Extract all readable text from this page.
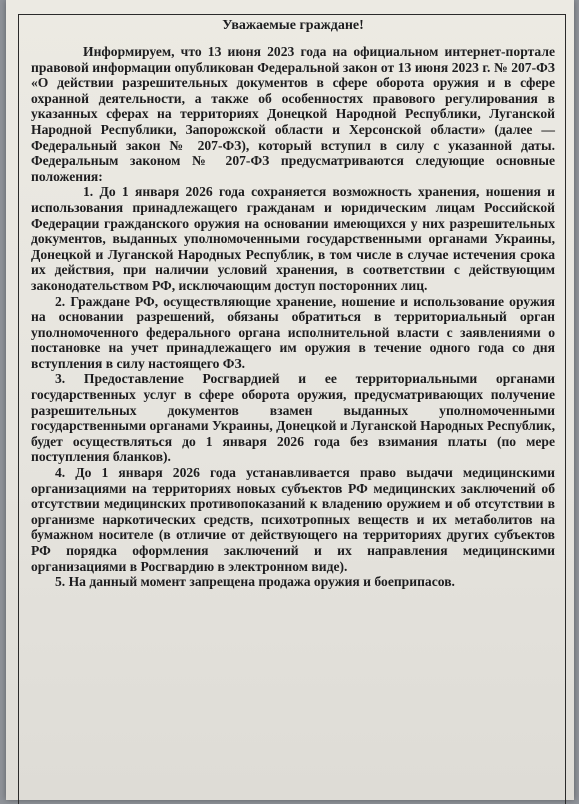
Уважаемые граждане!

Информируем, что 13 июня 2023 года на официальном интернет-портале правовой информации опубликован Федеральной закон от 13 июня 2023 г. № 207-ФЗ «О действии разрешительных документов в сфере оборота оружия и в сфере охранной деятельности, а также об особенностях правового регулирования в указанных сферах на территориях Донецкой Народной Республики, Луганской Народной Республики, Запорожской области и Херсонской области» (далее — Федеральный закон № 207-ФЗ), который вступил в силу с указанной даты. Федеральным законом № 207-ФЗ предусматриваются следующие основные положения:

1. До 1 января 2026 года сохраняется возможность хранения, ношения и использования принадлежащего гражданам и юридическим лицам Российской Федерации гражданского оружия на основании имеющихся у них разрешительных документов, выданных уполномоченными государственными органами Украины, Донецкой и Луганской Народных Республик, в том числе в случае истечения срока их действия, при наличии условий хранения, в соответствии с действующим законодательством РФ, исключающим доступ посторонних лиц.

2. Граждане РФ, осуществляющие хранение, ношение и использование оружия на основании разрешений, обязаны обратиться в территориальный орган уполномоченного федерального органа исполнительной власти с заявлениями о постановке на учет принадлежащего им оружия в течение одного года со дня вступления в силу настоящего ФЗ.

3. Предоставление Росгвардией и ее территориальными органами государственных услуг в сфере оборота оружия, предусматривающих получение разрешительных документов взамен выданных уполномоченными государственными органами Украины, Донецкой и Луганской Народных Республик, будет осуществляться до 1 января 2026 года без взимания платы (по мере поступления бланков).

4. До 1 января 2026 года устанавливается право выдачи медицинскими организациями на территориях новых субъектов РФ медицинских заключений об отсутствии медицинских противопоказаний к владению оружием и об отсутствии в организме наркотических средств, психотропных веществ и их метаболитов на бумажном носителе (в отличие от действующего на территориях других субъектов РФ порядка оформления заключений и их направления медицинскими организациями в Росгвардию в электронном виде).

5. На данный момент запрещена продажа оружия и боеприпасов.
